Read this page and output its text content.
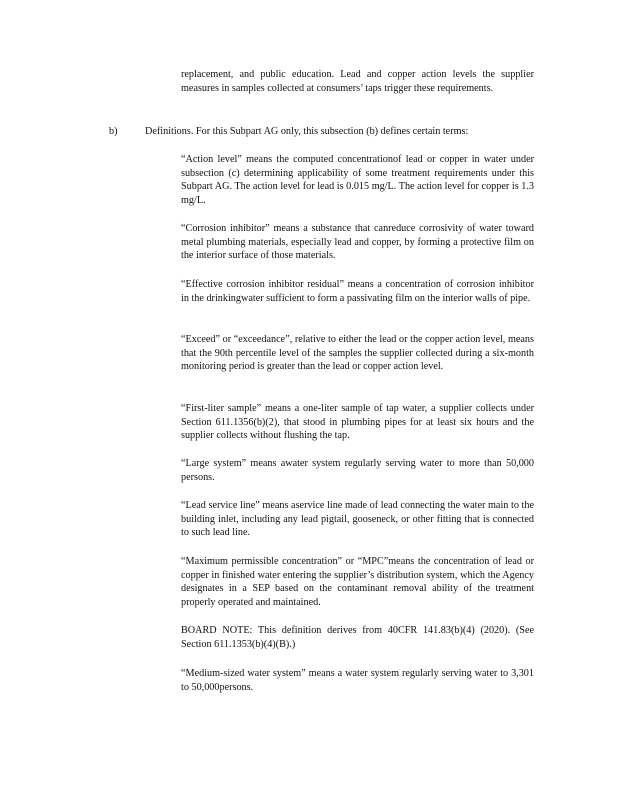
replacement, and public education. Lead and copper action levels the supplier measures in samples collected at consumers’ taps trigger these requirements.

b)	Definitions. For this Subpart AG only, this subsection (b) defines certain terms:

“Action level” means the computed concentrationof lead or copper in water under subsection (c) determining applicability of some treatment requirements under this Subpart AG. The action level for lead is 0.015 mg/L. The action level for copper is 1.3 mg/L.

“Corrosion inhibitor” means a substance that canreduce corrosivity of water toward metal plumbing materials, especially lead and copper, by forming a protective film on the interior surface of those materials.

“Effective corrosion inhibitor residual” means a concentration of corrosion inhibitor in the drinkingwater sufficient to form a passivating film on the interior walls of pipe.

“Exceed” or “exceedance”, relative to either the lead or the copper action level, means that the 90th percentile level of the samples the supplier collected during a six-month monitoring period is greater than the lead or copper action level.

“First-liter sample” means a one-liter sample of tap water, a supplier collects under Section 611.1356(b)(2), that stood in plumbing pipes for at least six hours and the supplier collects without flushing the tap.

“Large system” means awater system regularly serving water to more than 50,000 persons.

“Lead service line” means aservice line made of lead connecting the water main to the building inlet, including any lead pigtail, gooseneck, or other fitting that is connected to such lead line.

“Maximum permissible concentration” or “MPC”means the concentration of lead or copper in finished water entering the supplier’s distribution system, which the Agency designates in a SEP based on the contaminant removal ability of the treatment properly operated and maintained.

BOARD NOTE: This definition derives from 40CFR 141.83(b)(4) (2020). (See Section 611.1353(b)(4)(B).)

“Medium-sized water system” means a water system regularly serving water to 3,301 to 50,000persons.
